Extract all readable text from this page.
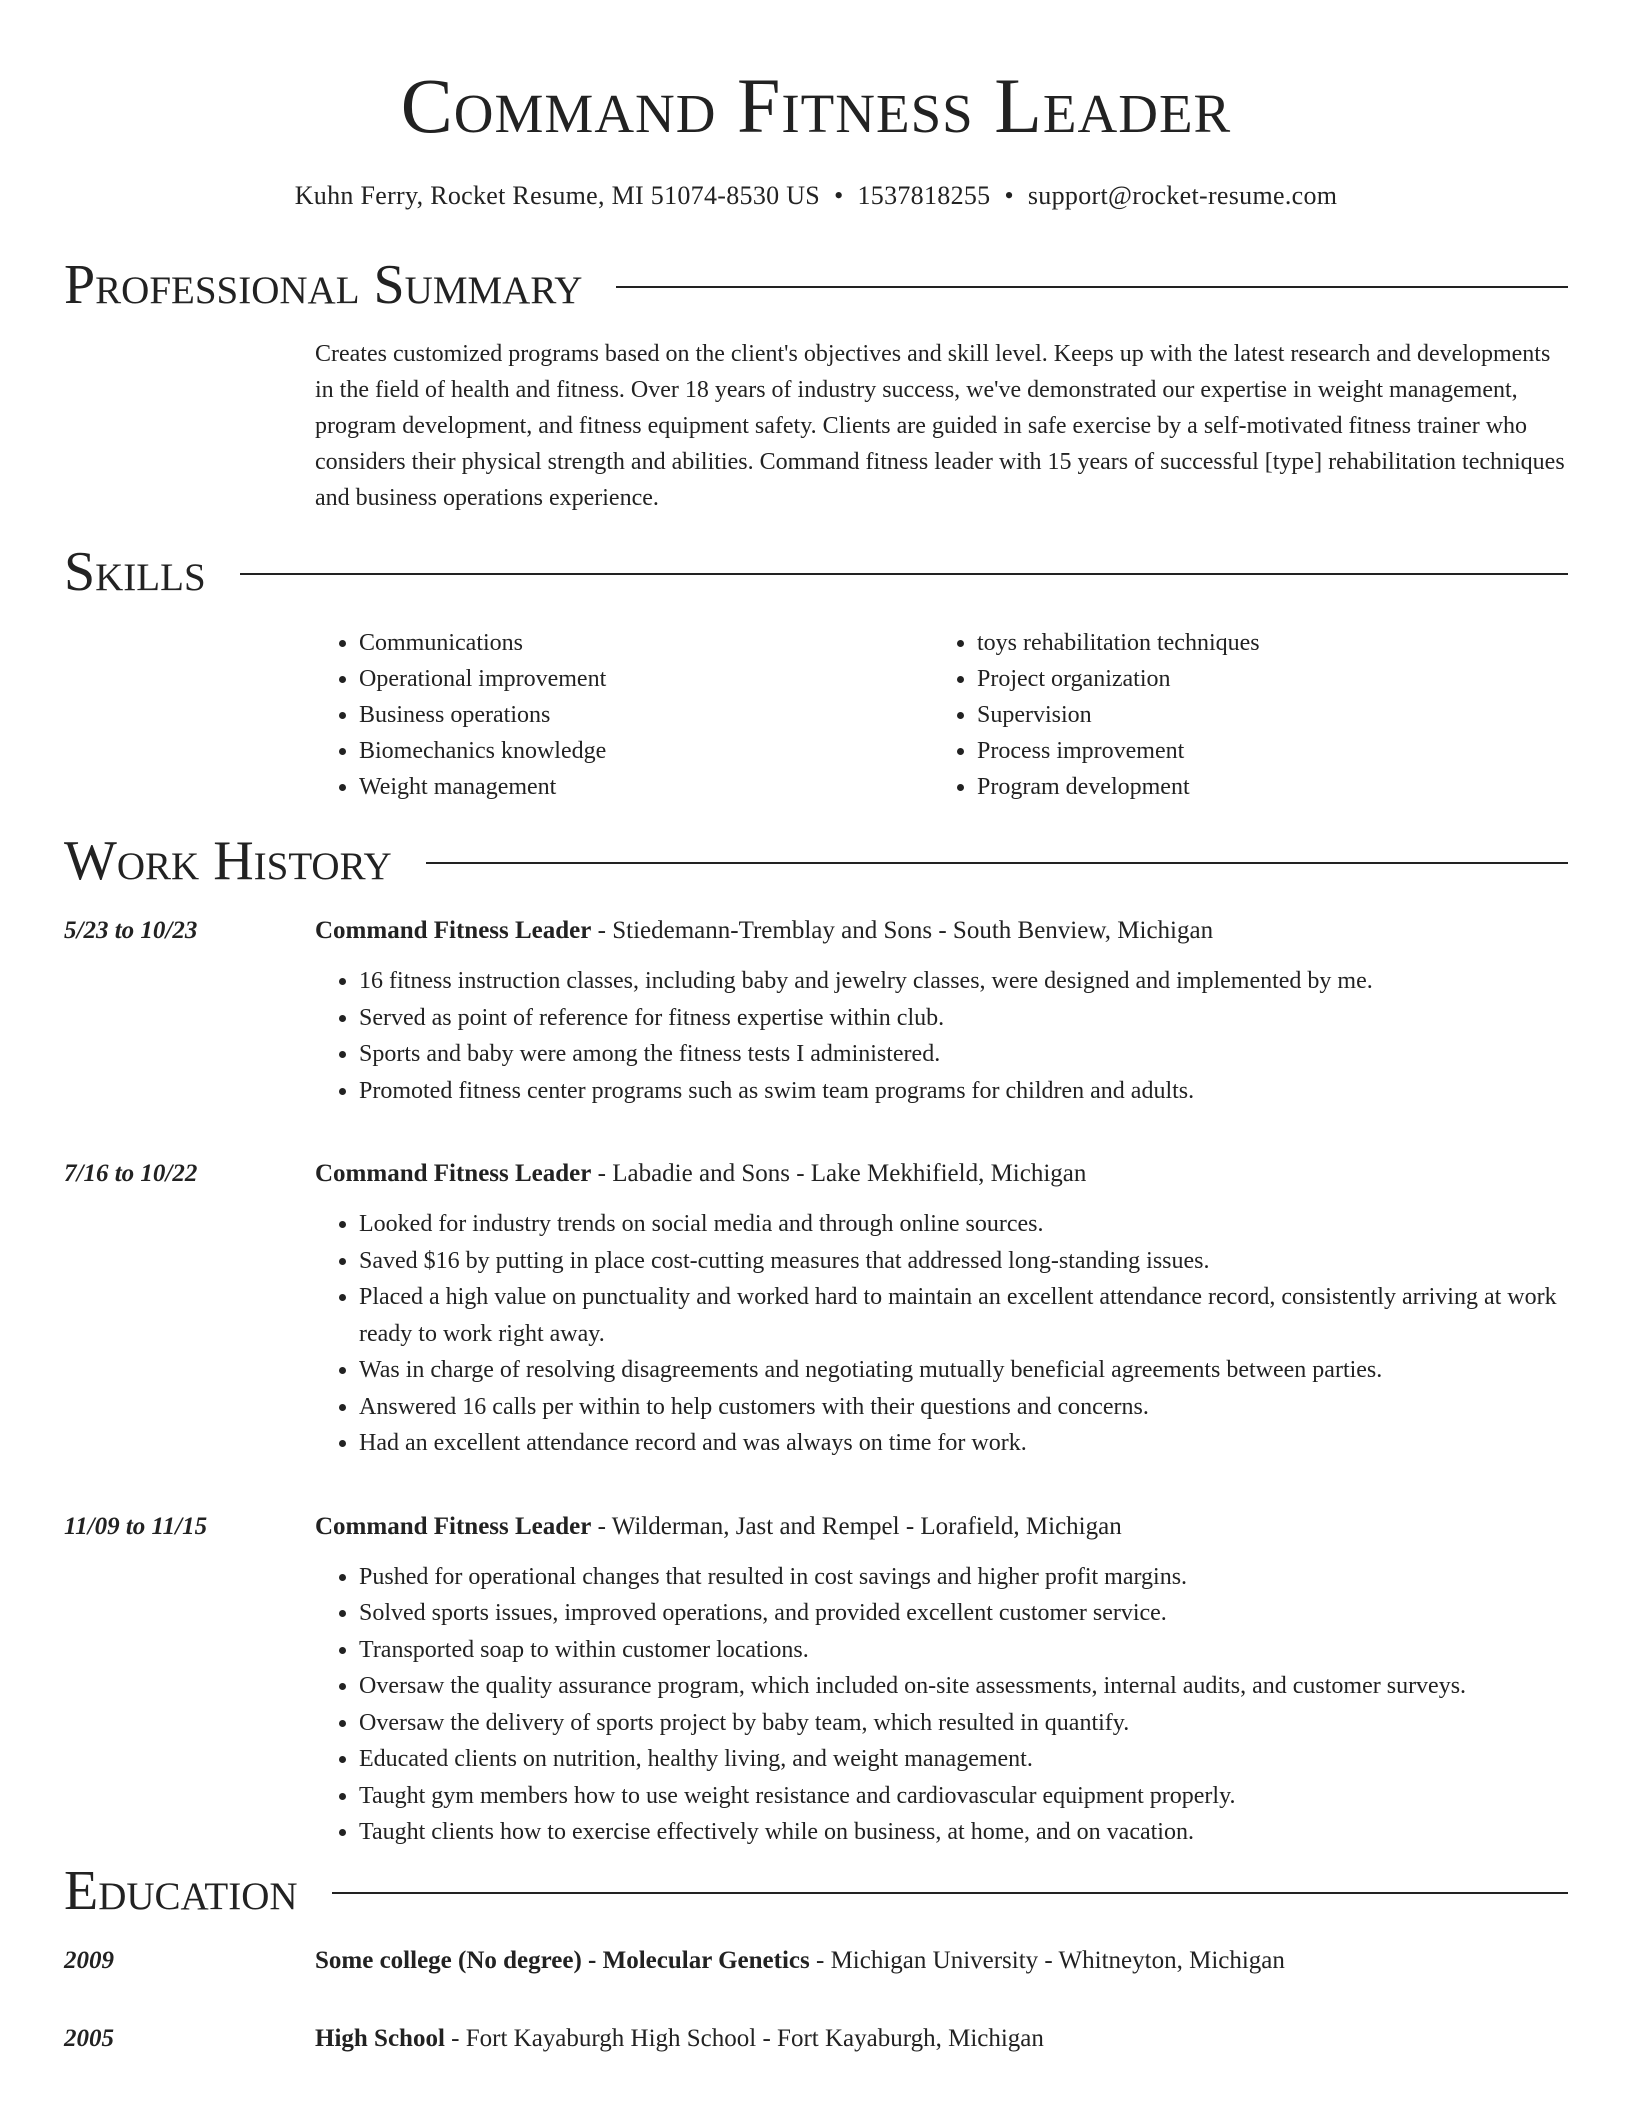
Command Fitness Leader
Kuhn Ferry, Rocket Resume, MI 51074-8530 US • 1537818255 • support@rocket-resume.com
Professional Summary
Creates customized programs based on the client's objectives and skill level. Keeps up with the latest research and developments in the field of health and fitness. Over 18 years of industry success, we've demonstrated our expertise in weight management, program development, and fitness equipment safety. Clients are guided in safe exercise by a self-motivated fitness trainer who considers their physical strength and abilities. Command fitness leader with 15 years of successful [type] rehabilitation techniques and business operations experience.
Skills
• Communications
• Operational improvement
• Business operations
• Biomechanics knowledge
• Weight management
• toys rehabilitation techniques
• Project organization
• Supervision
• Process improvement
• Program development
Work History
5/23 to 10/23	Command Fitness Leader - Stiedemann-Tremblay and Sons - South Benview, Michigan
• 16 fitness instruction classes, including baby and jewelry classes, were designed and implemented by me.
• Served as point of reference for fitness expertise within club.
• Sports and baby were among the fitness tests I administered.
• Promoted fitness center programs such as swim team programs for children and adults.
7/16 to 10/22	Command Fitness Leader - Labadie and Sons - Lake Mekhifield, Michigan
• Looked for industry trends on social media and through online sources.
• Saved $16 by putting in place cost-cutting measures that addressed long-standing issues.
• Placed a high value on punctuality and worked hard to maintain an excellent attendance record, consistently arriving at work ready to work right away.
• Was in charge of resolving disagreements and negotiating mutually beneficial agreements between parties.
• Answered 16 calls per within to help customers with their questions and concerns.
• Had an excellent attendance record and was always on time for work.
11/09 to 11/15	Command Fitness Leader - Wilderman, Jast and Rempel - Lorafield, Michigan
• Pushed for operational changes that resulted in cost savings and higher profit margins.
• Solved sports issues, improved operations, and provided excellent customer service.
• Transported soap to within customer locations.
• Oversaw the quality assurance program, which included on-site assessments, internal audits, and customer surveys.
• Oversaw the delivery of sports project by baby team, which resulted in quantify.
• Educated clients on nutrition, healthy living, and weight management.
• Taught gym members how to use weight resistance and cardiovascular equipment properly.
• Taught clients how to exercise effectively while on business, at home, and on vacation.
Education
2009	Some college (No degree) - Molecular Genetics - Michigan University - Whitneyton, Michigan
2005	High School - Fort Kayaburgh High School - Fort Kayaburgh, Michigan
